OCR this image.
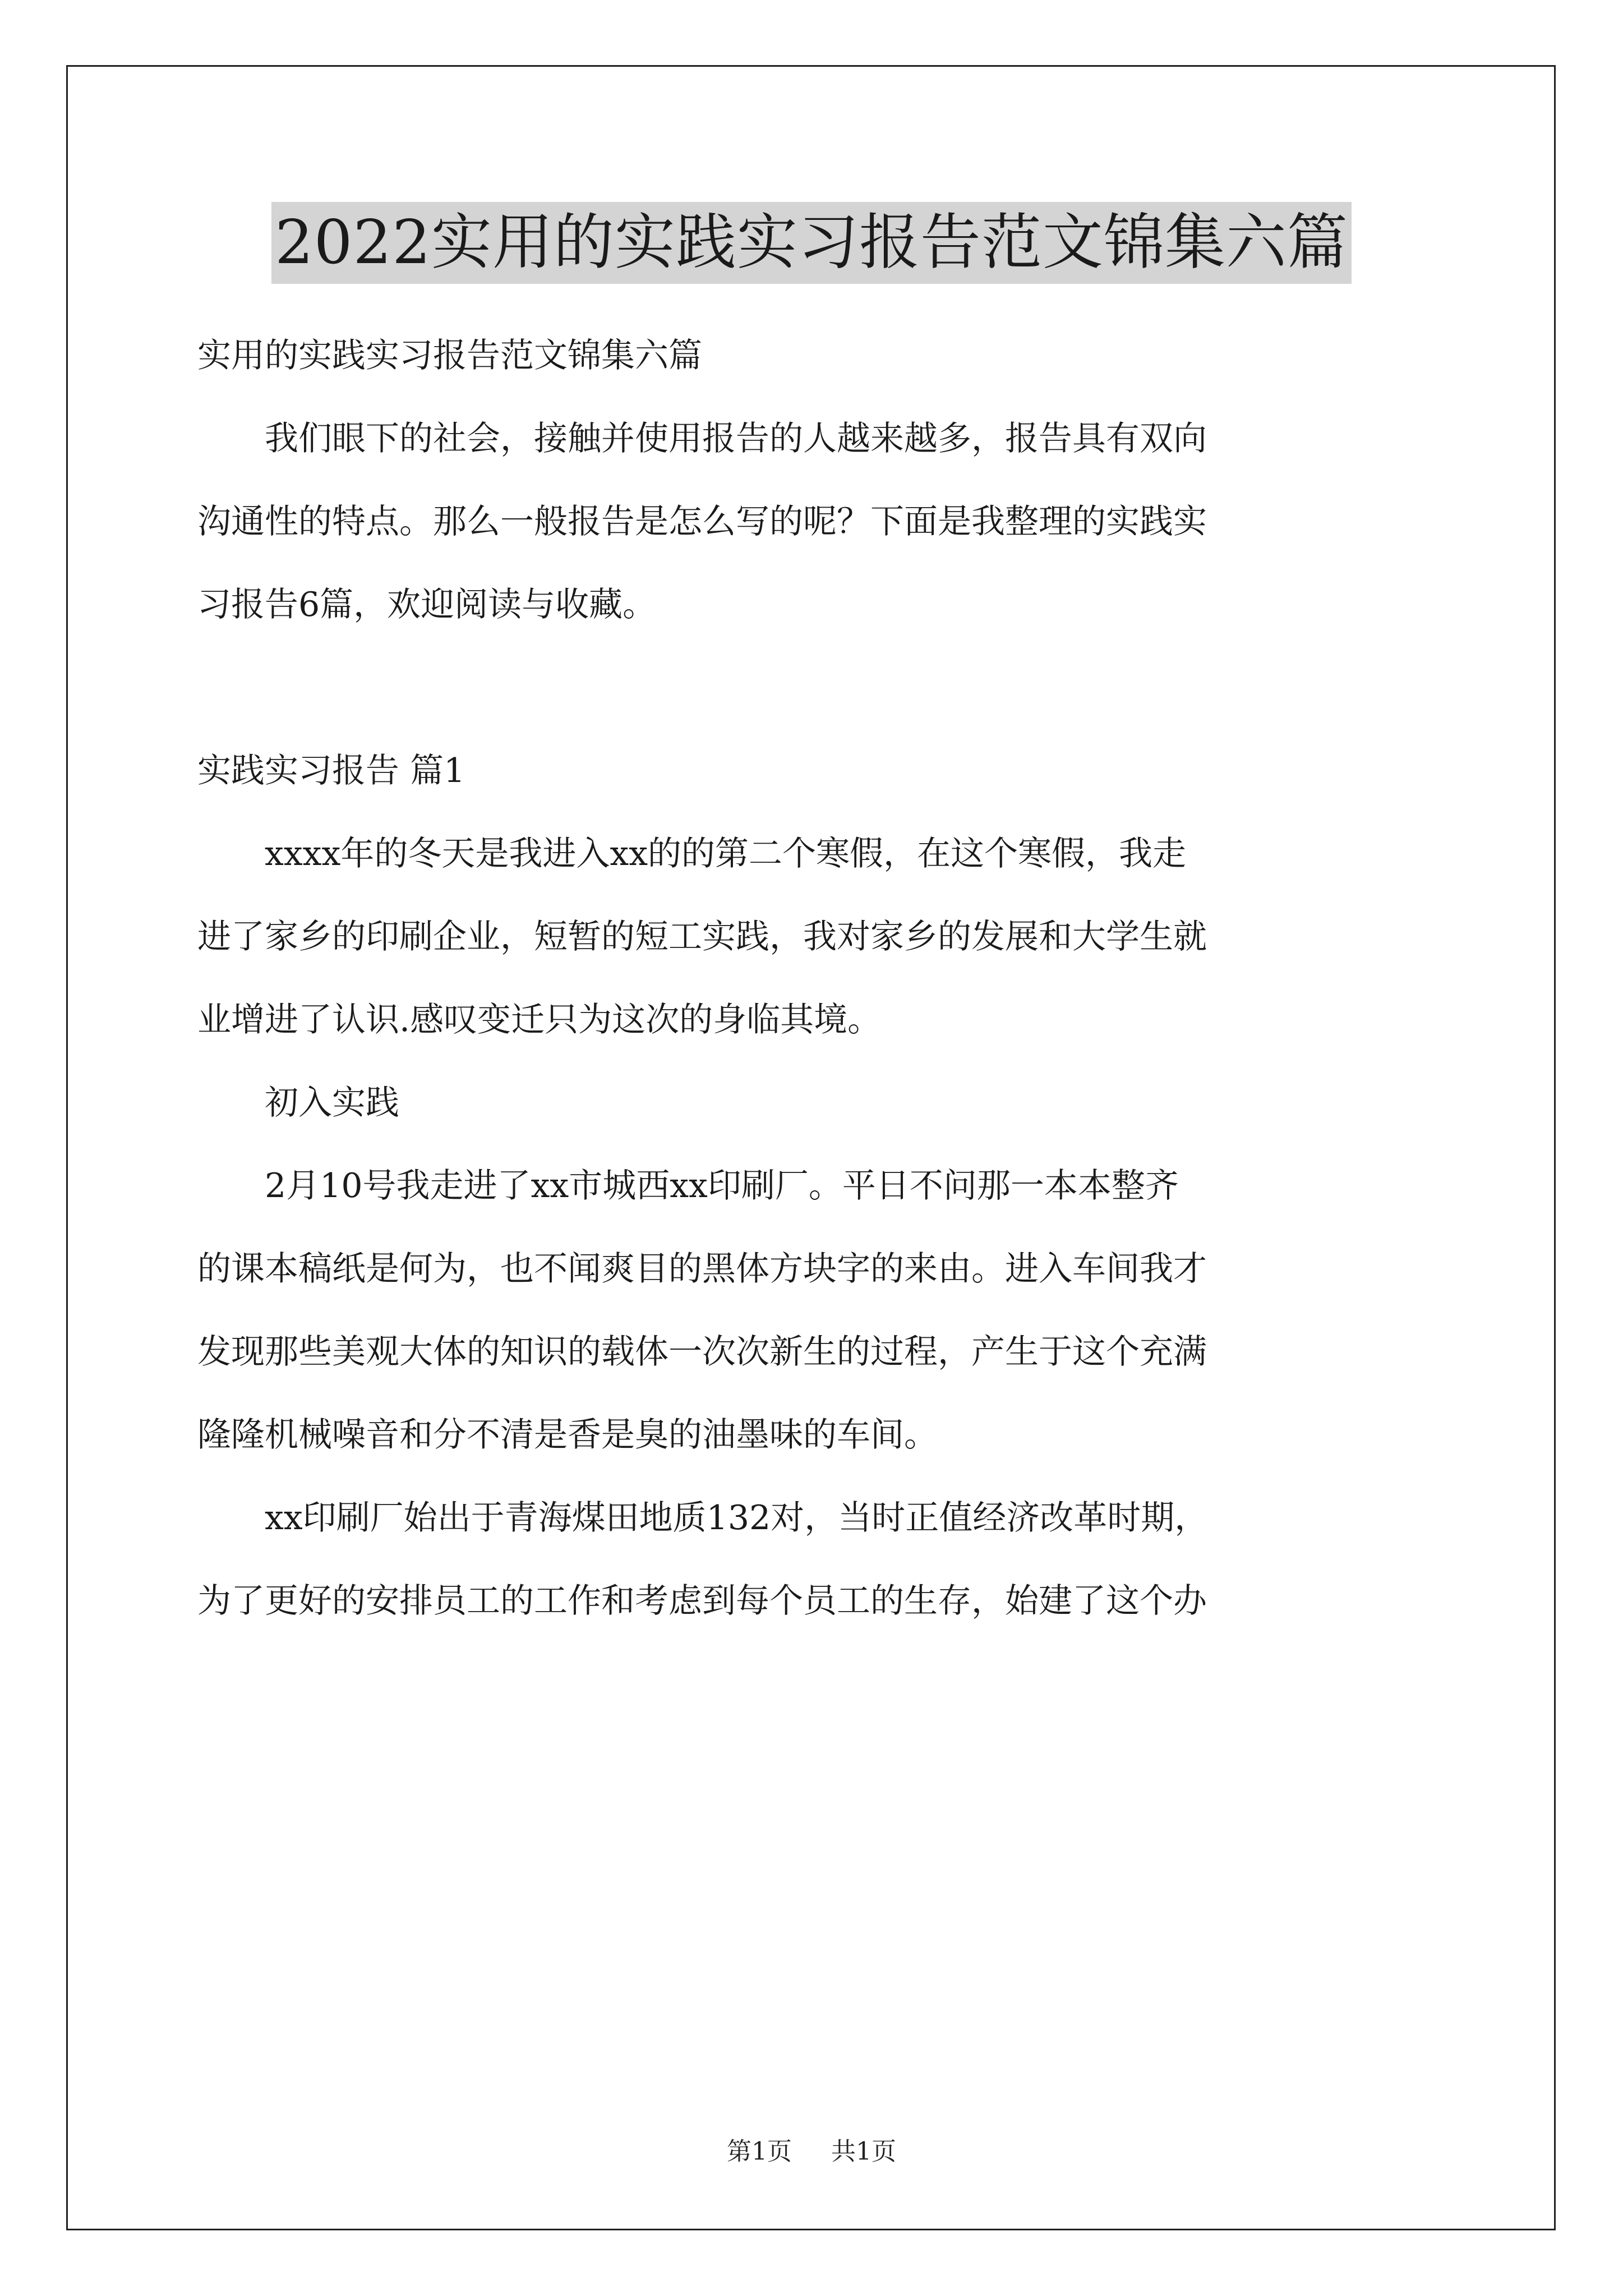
2022实用的实践实习报告范文锦集六篇

实用的实践实习报告范文锦集六篇

我们眼下的社会，接触并使用报告的人越来越多，报告具有双向

沟通性的特点。那么一般报告是怎么写的呢？下面是我整理的实践实

习报告6篇，欢迎阅读与收藏。

实践实习报告 篇1

xxxx年的冬天是我进入xx的的第二个寒假，在这个寒假，我走

进了家乡的印刷企业，短暂的短工实践，我对家乡的发展和大学生就

业增进了认识.感叹变迁只为这次的身临其境。

初入实践

2月10号我走进了xx市城西xx印刷厂。平日不问那一本本整齐

的课本稿纸是何为，也不闻爽目的黑体方块字的来由。进入车间我才

发现那些美观大体的知识的载体一次次新生的过程，产生于这个充满

隆隆机械噪音和分不清是香是臭的油墨味的车间。

xx印刷厂始出于青海煤田地质132对，当时正值经济改革时期，

为了更好的安排员工的工作和考虑到每个员工的生存，始建了这个办

第1页 共1页
